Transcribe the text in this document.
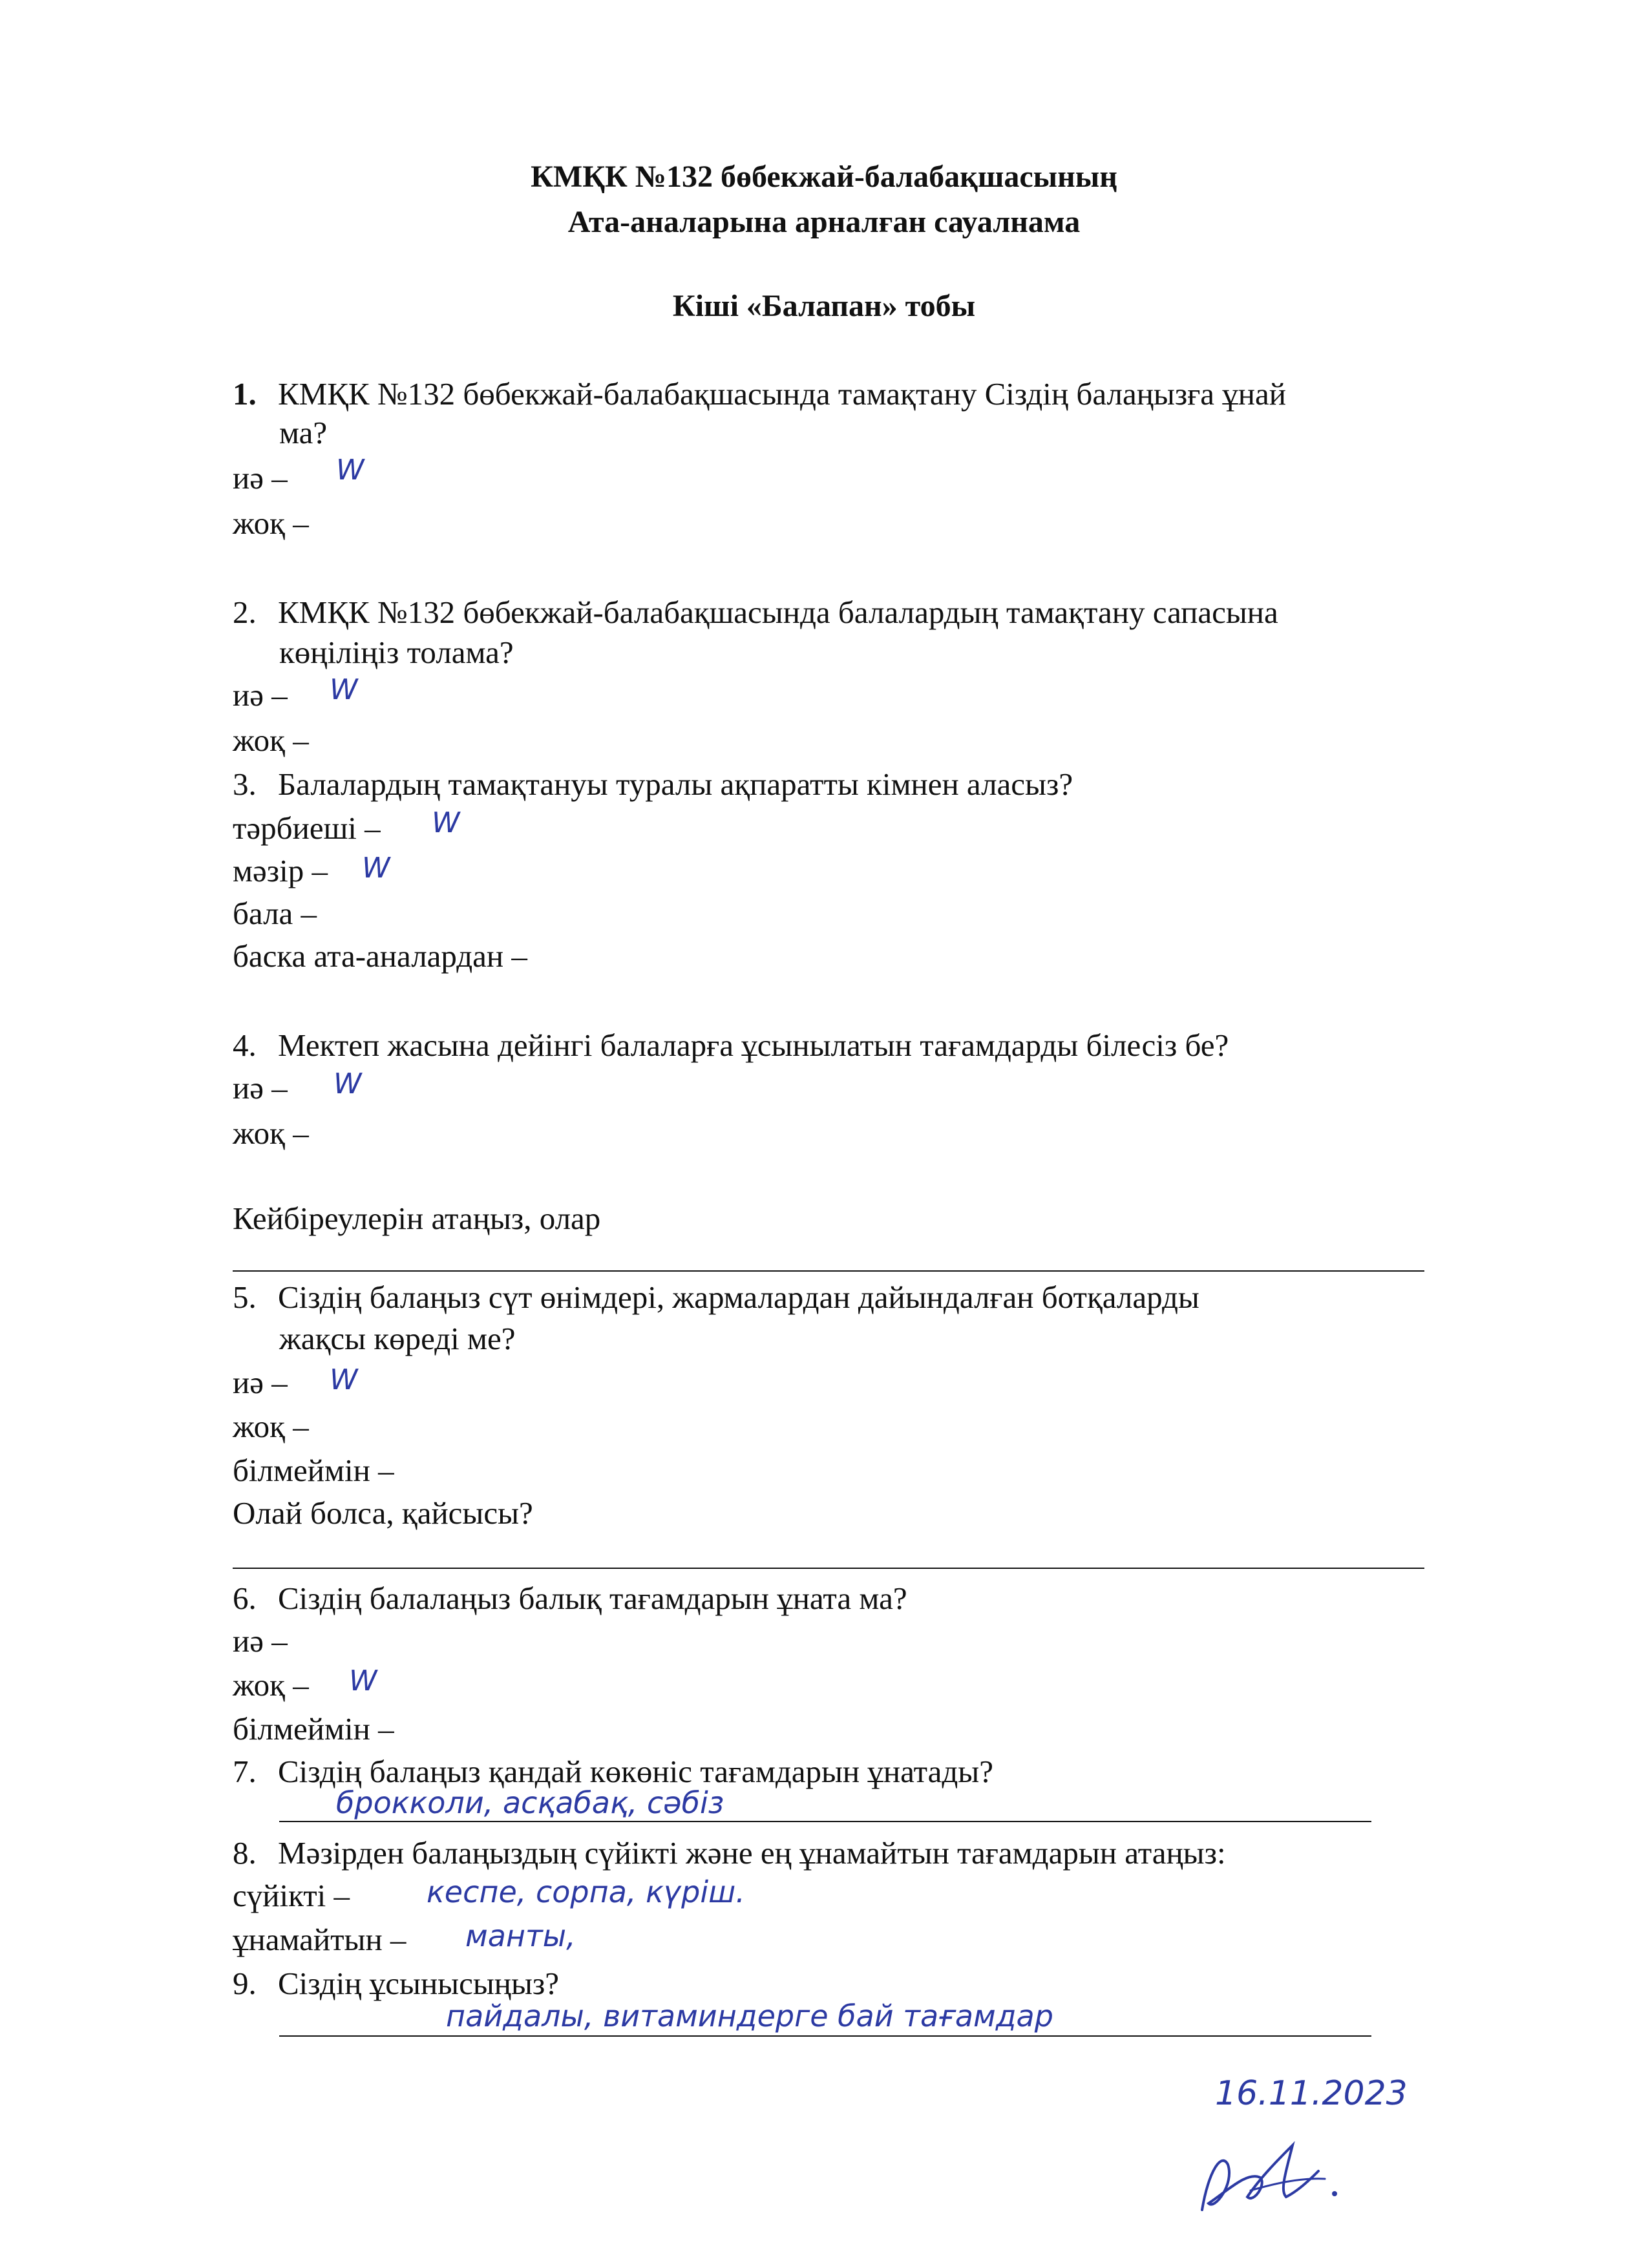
КМҚК №132 бөбекжай-балабақшасының
Ата-аналарына арналған сауалнама
Кіші «Балапан» тобы
1. КМҚК №132 бөбекжай-балабақшасында тамақтану Сіздің балаңызға ұнай
ма?
иә – W
жоқ –
2. КМҚК №132 бөбекжай-балабақшасында балалардың тамақтану сапасына
көңіліңіз толама?
иә – W
жоқ –
3. Балалардың тамақтануы туралы ақпаратты кімнен аласыз?
тәрбиеші – W
мәзір – W
бала –
баска ата-аналардан –
4. Мектеп жасына дейінгі балаларға ұсынылатын тағамдарды білесіз бе?
иә – W
жоқ –
Кейбіреулерін атаңыз, олар
5. Сіздің балаңыз сүт өнімдері, жармалардан дайындалған ботқаларды
жақсы көреді ме?
иә – W
жоқ –
білмеймін –
Олай болса, қайсысы?
6. Сіздің балалаңыз балық тағамдарын ұната ма?
иә –
жоқ – W
білмеймін –
7. Сіздің балаңыз қандай көкөніс тағамдарын ұнатады?
брокколи, асқабақ, сәбіз
8. Мәзірден балаңыздың сүйікті және ең ұнамайтын тағамдарын атаңыз:
сүйікті –	кеспе, сорпа, күріш.
ұнамайтын – манты,
9. Сіздің ұсынысыңыз?
пайдалы, витаминдерге бай тағамдар
16.11.2023
